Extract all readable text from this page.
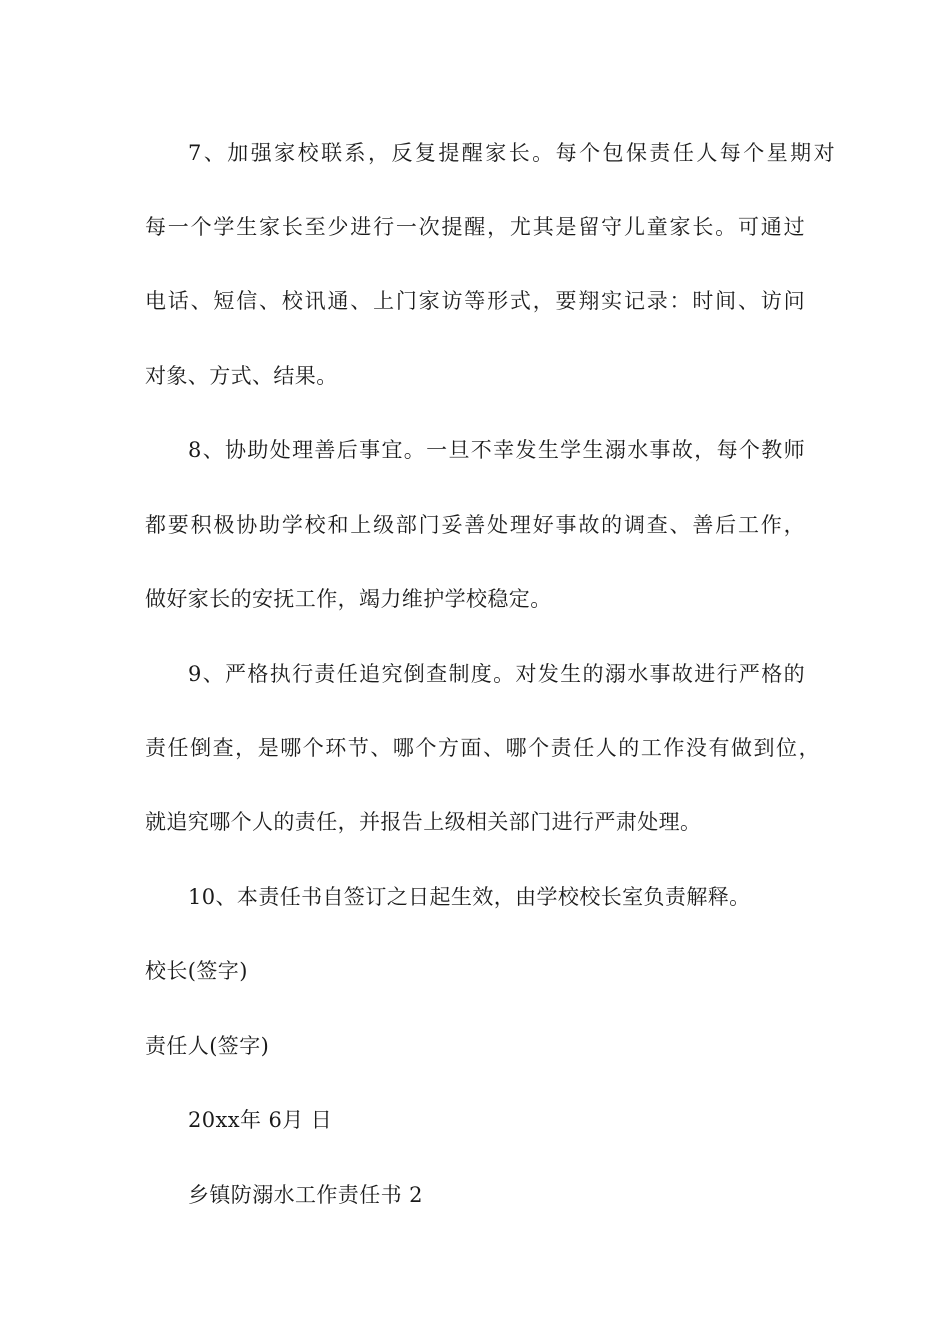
7、加强家校联系，反复提醒家长。每个包保责任人每个星期对
每一个学生家长至少进行一次提醒，尤其是留守儿童家长。可通过
电话、短信、校讯通、上门家访等形式，要翔实记录：时间、访问
对象、方式、结果。
8、协助处理善后事宜。一旦不幸发生学生溺水事故，每个教师
都要积极协助学校和上级部门妥善处理好事故的调查、善后工作，
做好家长的安抚工作，竭力维护学校稳定。
9、严格执行责任追究倒查制度。对发生的溺水事故进行严格的
责任倒查，是哪个环节、哪个方面、哪个责任人的工作没有做到位，
就追究哪个人的责任，并报告上级相关部门进行严肃处理。
10、本责任书自签订之日起生效，由学校校长室负责解释。
校长(签字)
责任人(签字)
20xx年 6月 日
乡镇防溺水工作责任书 2
